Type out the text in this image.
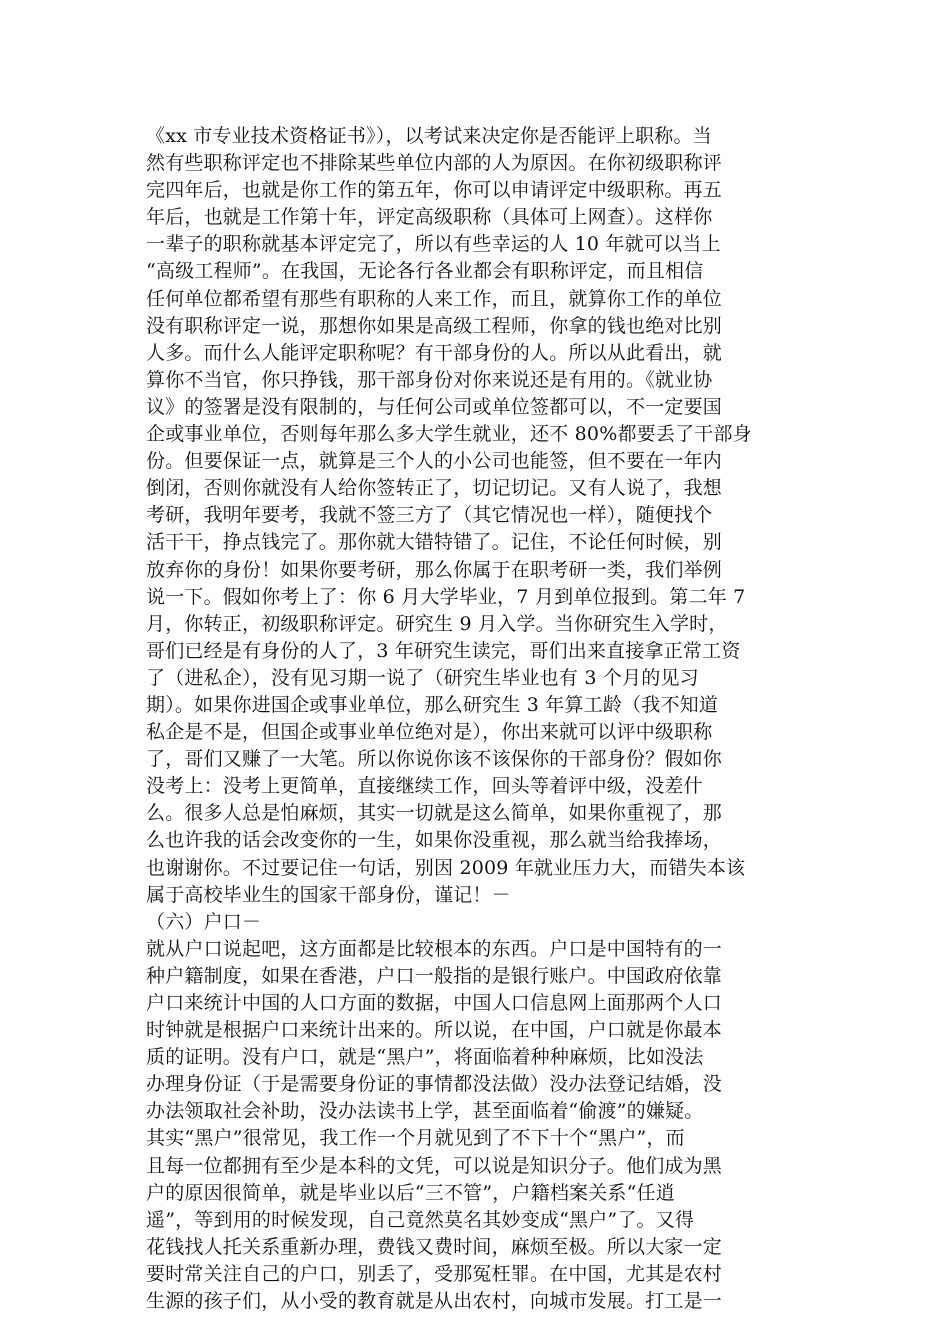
《xx 市专业技术资格证书》），以考试来决定你是否能评上职称。当
然有些职称评定也不排除某些单位内部的人为原因。在你初级职称评
完四年后，也就是你工作的第五年，你可以申请评定中级职称。再五
年后，也就是工作第十年，评定高级职称（具体可上网查）。这样你
一辈子的职称就基本评定完了，所以有些幸运的人 10 年就可以当上
“高级工程师”。在我国，无论各行各业都会有职称评定，而且相信
任何单位都希望有那些有职称的人来工作，而且，就算你工作的单位
没有职称评定一说，那想你如果是高级工程师，你拿的钱也绝对比别
人多。而什么人能评定职称呢？有干部身份的人。所以从此看出，就
算你不当官，你只挣钱，那干部身份对你来说还是有用的。《就业协
议》的签署是没有限制的，与任何公司或单位签都可以，不一定要国
企或事业单位，否则每年那么多大学生就业，还不 80%都要丢了干部身
份。但要保证一点，就算是三个人的小公司也能签，但不要在一年内
倒闭，否则你就没有人给你签转正了，切记切记。又有人说了，我想
考研，我明年要考，我就不签三方了（其它情况也一样），随便找个
活干干，挣点钱完了。那你就大错特错了。记住，不论任何时候，别
放弃你的身份！如果你要考研，那么你属于在职考研一类，我们举例
说一下。假如你考上了：你 6 月大学毕业，7 月到单位报到。第二年 7
月，你转正，初级职称评定。研究生 9 月入学。当你研究生入学时，
哥们已经是有身份的人了，3 年研究生读完，哥们出来直接拿正常工资
了（进私企），没有见习期一说了（研究生毕业也有 3 个月的见习
期）。如果你进国企或事业单位，那么研究生 3 年算工龄（我不知道
私企是不是，但国企或事业单位绝对是），你出来就可以评中级职称
了，哥们又赚了一大笔。所以你说你该不该保你的干部身份？假如你
没考上：没考上更简单，直接继续工作，回头等着评中级，没差什
么。很多人总是怕麻烦，其实一切就是这么简单，如果你重视了，那
么也许我的话会改变你的一生，如果你没重视，那么就当给我捧场，
也谢谢你。不过要记住一句话，别因 2009 年就业压力大，而错失本该
属于高校毕业生的国家干部身份，谨记！－
（六）户口－
就从户口说起吧，这方面都是比较根本的东西。户口是中国特有的一
种户籍制度，如果在香港，户口一般指的是银行账户。中国政府依靠
户口来统计中国的人口方面的数据，中国人口信息网上面那两个人口
时钟就是根据户口来统计出来的。所以说，在中国，户口就是你最本
质的证明。没有户口，就是“黑户”，将面临着种种麻烦，比如没法
办理身份证（于是需要身份证的事情都没法做）没办法登记结婚，没
办法领取社会补助，没办法读书上学，甚至面临着“偷渡”的嫌疑。
其实“黑户”很常见，我工作一个月就见到了不下十个“黑户”，而
且每一位都拥有至少是本科的文凭，可以说是知识分子。他们成为黑
户的原因很简单，就是毕业以后“三不管”，户籍档案关系“任逍
遥”，等到用的时候发现，自己竟然莫名其妙变成“黑户”了。又得
花钱找人托关系重新办理，费钱又费时间，麻烦至极。所以大家一定
要时常关注自己的户口，别丢了，受那冤枉罪。在中国，尤其是农村
生源的孩子们，从小受的教育就是从出农村，向城市发展。打工是一
